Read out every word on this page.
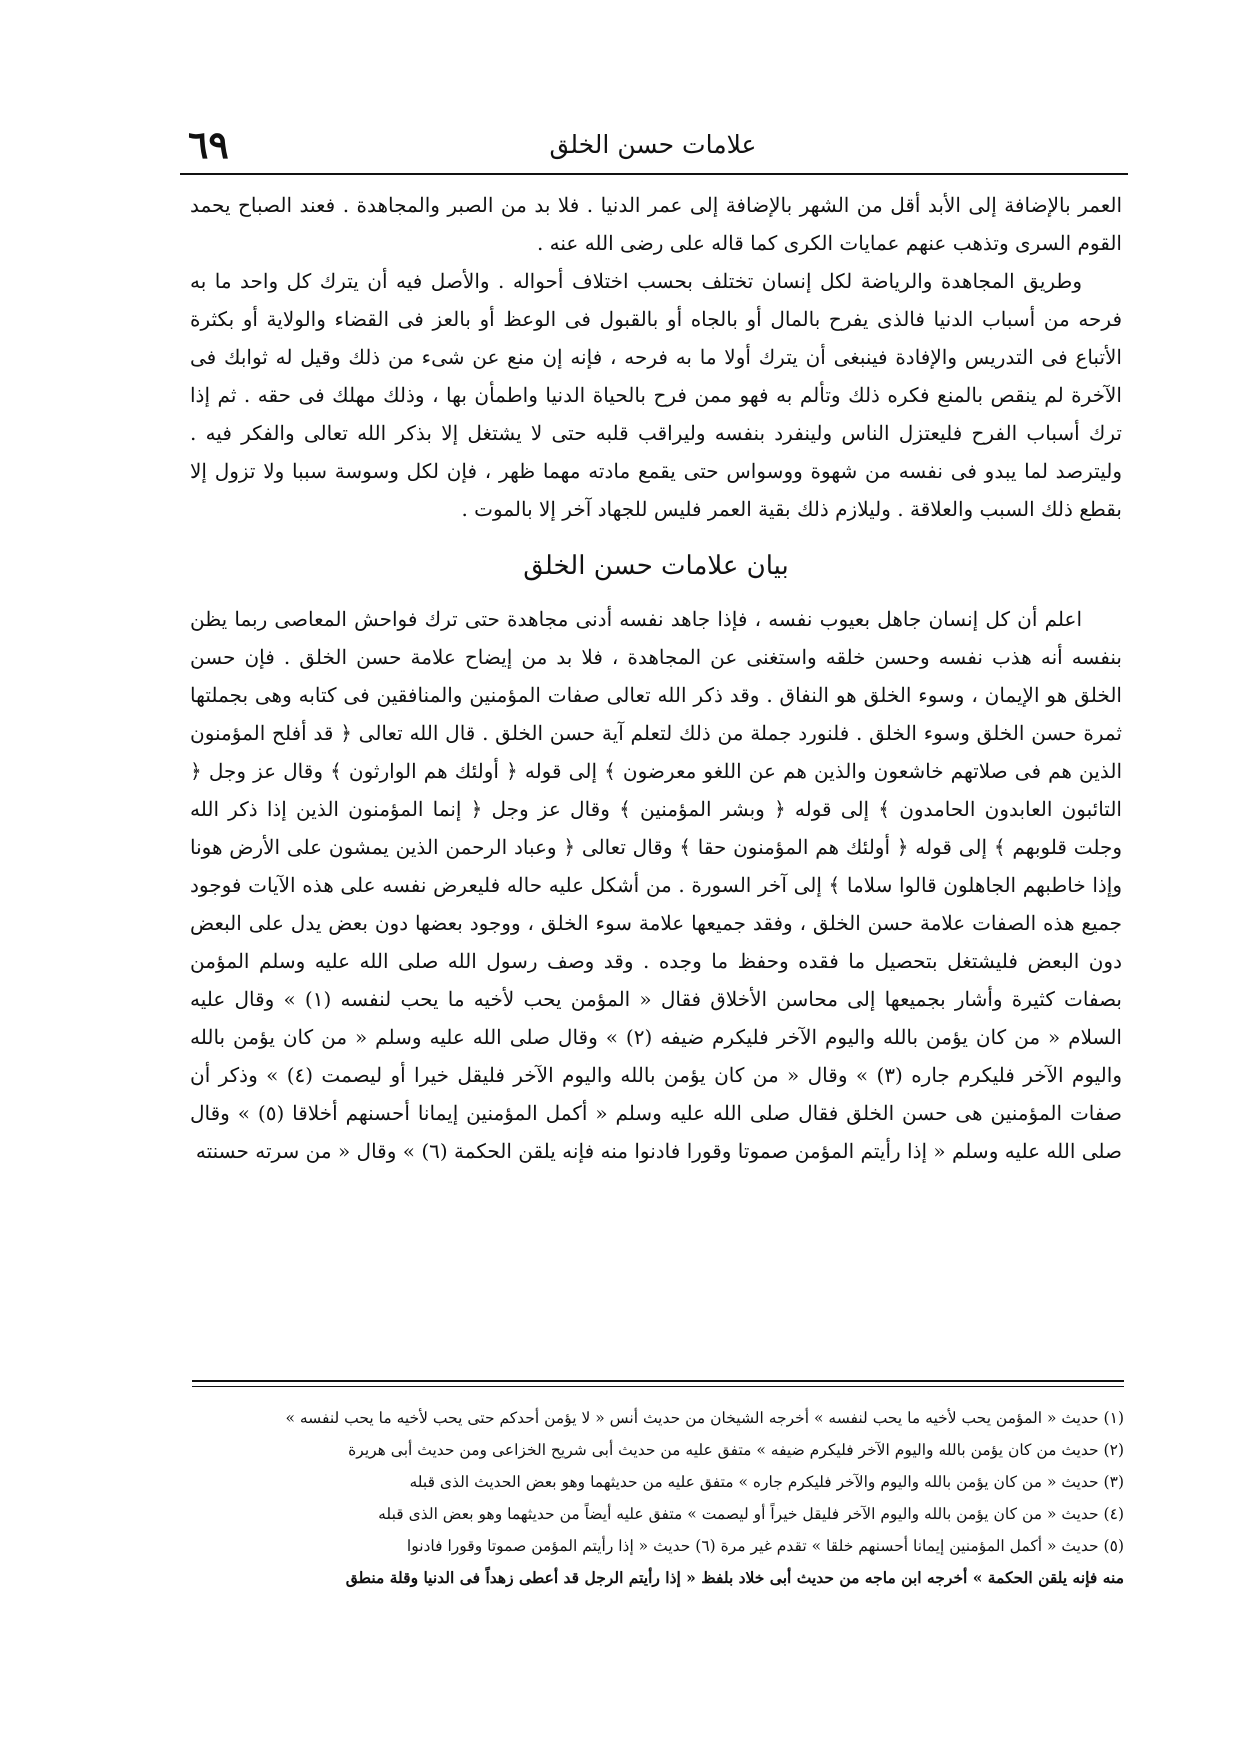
٦٩	علامات حسن الخلق

العمر بالإضافة إلى الأبد أقل من الشهر بالإضافة إلى عمر الدنيا . فلا بد من الصبر والمجاهدة . فعند الصباح يحمد القوم السرى وتذهب عنهم عمايات الكرى كما قاله على رضى الله عنه .

وطريق المجاهدة والرياضة لكل إنسان تختلف بحسب اختلاف أحواله . والأصل فيه أن يترك كل واحد ما به فرحه من أسباب الدنيا فالذى يفرح بالمال أو بالجاه أو بالقبول فى الوعظ أو بالعز فى القضاء والولاية أو بكثرة الأتباع فى التدريس والإفادة فينبغى أن يترك أولا ما به فرحه ، فإنه إن منع عن شىء من ذلك وقيل له ثوابك فى الآخرة لم ينقص بالمنع فكره ذلك وتألم به فهو ممن فرح بالحياة الدنيا واطمأن بها ، وذلك مهلك فى حقه . ثم إذا ترك أسباب الفرح فليعتزل الناس ولينفرد بنفسه وليراقب قلبه حتى لا يشتغل إلا بذكر الله تعالى والفكر فيه . وليترصد لما يبدو فى نفسه من شهوة ووسواس حتى يقمع مادته مهما ظهر ، فإن لكل وسوسة سببا ولا تزول إلا بقطع ذلك السبب والعلاقة . وليلازم ذلك بقية العمر فليس للجهاد آخر إلا بالموت .

بيان علامات حسن الخلق

اعلم أن كل إنسان جاهل بعيوب نفسه ، فإذا جاهد نفسه أدنى مجاهدة حتى ترك فواحش المعاصى ربما يظن بنفسه أنه هذب نفسه وحسن خلقه واستغنى عن المجاهدة ، فلا بد من إيضاح علامة حسن الخلق . فإن حسن الخلق هو الإيمان ، وسوء الخلق هو النفاق . وقد ذكر الله تعالى صفات المؤمنين والمنافقين فى كتابه وهى بجملتها ثمرة حسن الخلق وسوء الخلق . فلنورد جملة من ذلك لتعلم آية حسن الخلق . قال الله تعالى ﴿ قد أفلح المؤمنون الذين هم فى صلاتهم خاشعون والذين هم عن اللغو معرضون ﴾ إلى قوله ﴿ أولئك هم الوارثون ﴾ وقال عز وجل ﴿ التائبون العابدون الحامدون ﴾ إلى قوله ﴿ وبشر المؤمنين ﴾ وقال عز وجل ﴿ إنما المؤمنون الذين إذا ذكر الله وجلت قلوبهم ﴾ إلى قوله ﴿ أولئك هم المؤمنون حقا ﴾ وقال تعالى ﴿ وعباد الرحمن الذين يمشون على الأرض هونا وإذا خاطبهم الجاهلون قالوا سلاما ﴾ إلى آخر السورة . من أشكل عليه حاله فليعرض نفسه على هذه الآيات فوجود جميع هذه الصفات علامة حسن الخلق ، وفقد جميعها علامة سوء الخلق ، ووجود بعضها دون بعض يدل على البعض دون البعض فليشتغل بتحصيل ما فقده وحفظ ما وجده . وقد وصف رسول الله صلى الله عليه وسلم المؤمن بصفات كثيرة وأشار بجميعها إلى محاسن الأخلاق فقال « المؤمن يحب لأخيه ما يحب لنفسه (١) » وقال عليه السلام « من كان يؤمن بالله واليوم الآخر فليكرم ضيفه (٢) » وقال صلى الله عليه وسلم « من كان يؤمن بالله واليوم الآخر فليكرم جاره (٣) » وقال « من كان يؤمن بالله واليوم الآخر فليقل خيرا أو ليصمت (٤) » وذكر أن صفات المؤمنين هى حسن الخلق فقال صلى الله عليه وسلم « أكمل المؤمنين إيمانا أحسنهم أخلاقا (٥) » وقال صلى الله عليه وسلم « إذا رأيتم المؤمن صموتا وقورا فادنوا منه فإنه يلقن الحكمة (٦) » وقال « من سرته حسنته

(١) حديث « المؤمن يحب لأخيه ما يحب لنفسه » أخرجه الشيخان من حديث أنس « لا يؤمن أحدكم حتى يحب لأخيه ما يحب لنفسه »

(٢) حديث من كان يؤمن بالله واليوم الآخر فليكرم ضيفه » متفق عليه من حديث أبى شريح الخزاعى ومن حديث أبى هريرة

(٣) حديث « من كان يؤمن بالله واليوم والآخر فليكرم جاره » متفق عليه من حديثهما وهو بعض الحديث الذى قبله

(٤) حديث « من كان يؤمن بالله واليوم الآخر فليقل خيراً أو ليصمت » متفق عليه أيضاً من حديثهما وهو بعض الذى قبله

(٥) حديث « أكمل المؤمنين إيمانا أحسنهم خلقا » تقدم غير مرة (٦) حديث « إذا رأيتم المؤمن صموتا وقورا فادنوا

منه فإنه يلقن الحكمة » أخرجه ابن ماجه من حديث أبى خلاد بلفظ « إذا رأيتم الرجل قد أعطى زهداً فى الدنيا وقلة منطق
